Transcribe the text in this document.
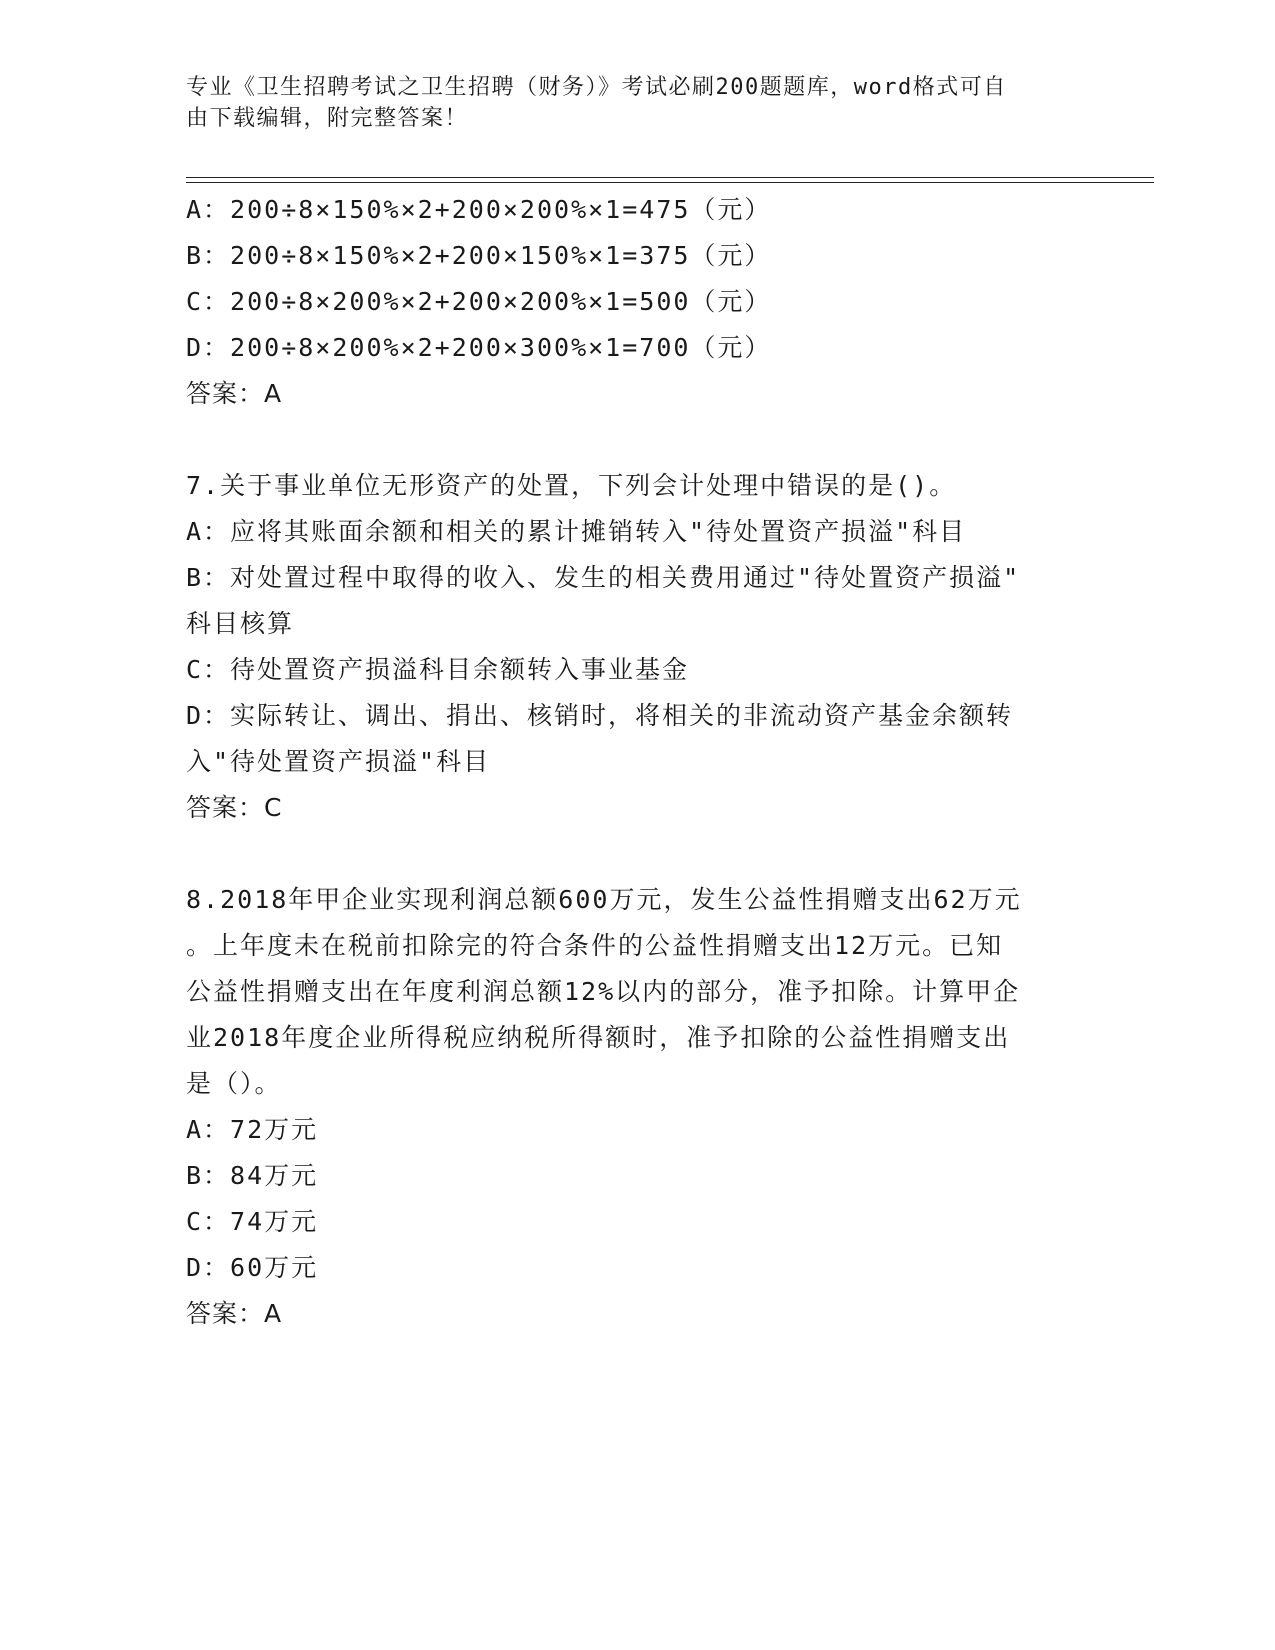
专业《卫生招聘考试之卫生招聘（财务）》考试必刷200题题库，word格式可自
由下载编辑，附完整答案！
A：200÷8×150%×2+200×200%×1=475（元）
B：200÷8×150%×2+200×150%×1=375（元）
C：200÷8×200%×2+200×200%×1=500（元）
D：200÷8×200%×2+200×300%×1=700（元）
答案：A
7.关于事业单位无形资产的处置，下列会计处理中错误的是()。
A：应将其账面余额和相关的累计摊销转入"待处置资产损溢"科目
B：对处置过程中取得的收入、发生的相关费用通过"待处置资产损溢"
科目核算
C：待处置资产损溢科目余额转入事业基金
D：实际转让、调出、捐出、核销时，将相关的非流动资产基金余额转
入"待处置资产损溢"科目
答案：C
8.2018年甲企业实现利润总额600万元，发生公益性捐赠支出62万元
。上年度未在税前扣除完的符合条件的公益性捐赠支出12万元。已知
公益性捐赠支出在年度利润总额12%以内的部分，准予扣除。计算甲企
业2018年度企业所得税应纳税所得额时，准予扣除的公益性捐赠支出
是（）。
A：72万元
B：84万元
C：74万元
D：60万元
答案：A
